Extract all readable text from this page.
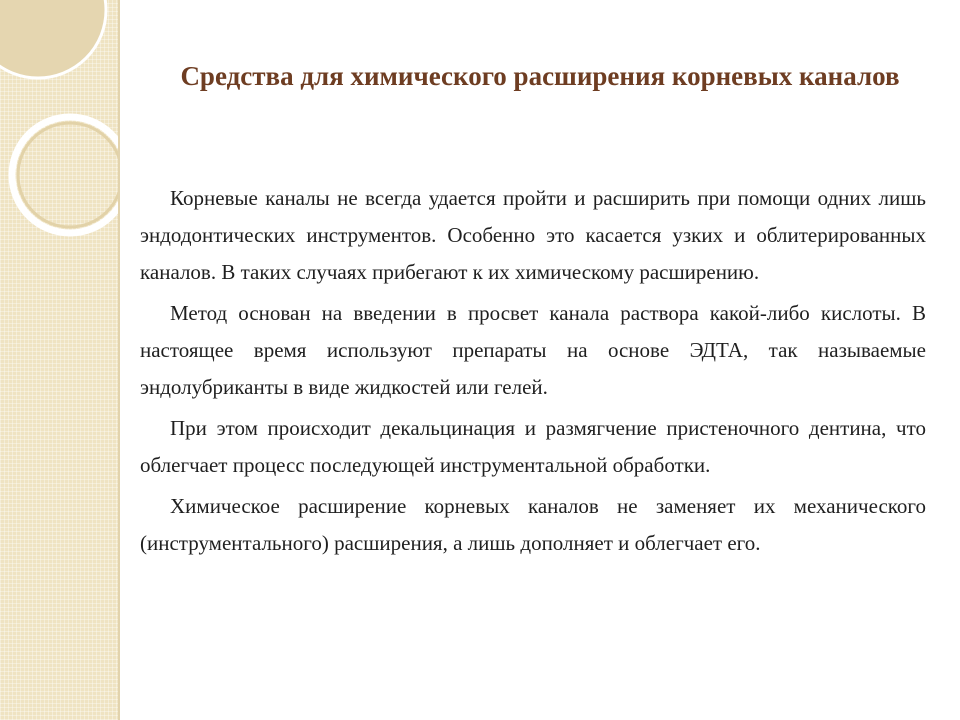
Средства для химического расширения корневых каналов

Корневые каналы не всегда удается пройти и расширить при помощи одних лишь эндодонтических инструментов. Особенно это касается узких и облитерированных каналов. В таких случаях прибегают к их химическому расширению.

Метод основан на введении в просвет канала раствора какой-либо кислоты. В настоящее время используют препараты на основе ЭДТА, так называемые эндолубриканты в виде жидкостей или гелей.

При этом происходит декальцинация и размягчение пристеночного дентина, что облегчает процесс последующей инструментальной обработки.

Химическое расширение корневых каналов не заменяет их механического (инструментального) расширения, а лишь дополняет и облегчает его.
